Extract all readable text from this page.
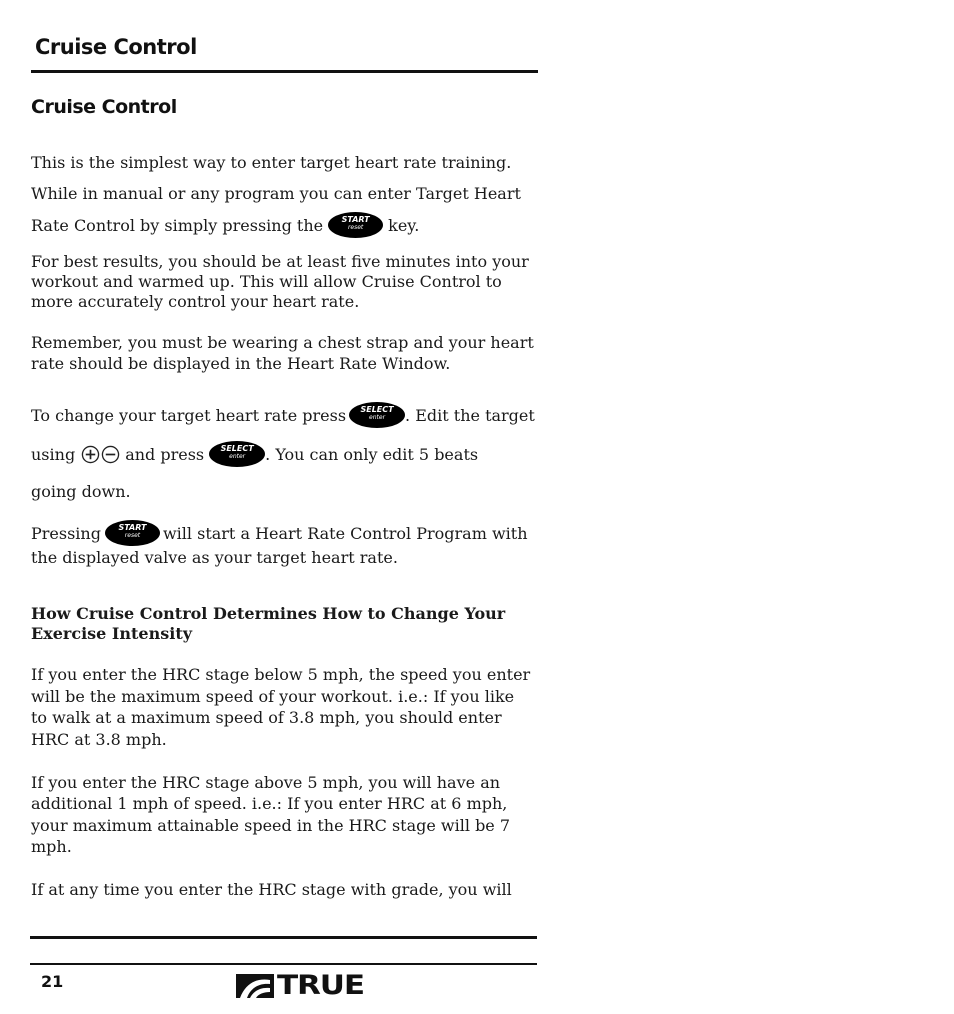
Cruise Control
Cruise Control
This is the simplest way to enter target heart rate training.
While in manual or any program you can enter Target Heart
Rate Control by simply pressing the	START
reset	key.
For best results, you should be at least five minutes into your
workout and warmed up. This will allow Cruise Control to
more accurately control your heart rate.
Remember, you must be wearing a chest strap and your heart
rate should be displayed in the Heart Rate Window.
To change your target heart rate press	SELECT
enter	. Edit the target
using	and press	SELECT
enter	. You can only edit 5 beats
going down.
Pressing	START
reset	will start a Heart Rate Control Program with
the displayed valve as your target heart rate.
How Cruise Control Determines How to Change Your
Exercise Intensity
If you enter the HRC stage below 5 mph, the speed you enter
will be the maximum speed of your workout. i.e.: If you like
to walk at a maximum speed of 3.8 mph, you should enter
HRC at 3.8 mph.
If you enter the HRC stage above 5 mph, you will have an
additional 1 mph of speed. i.e.: If you enter HRC at 6 mph,
your maximum attainable speed in the HRC stage will be 7
mph.
If at any time you enter the HRC stage with grade, you will
21	TRUE
